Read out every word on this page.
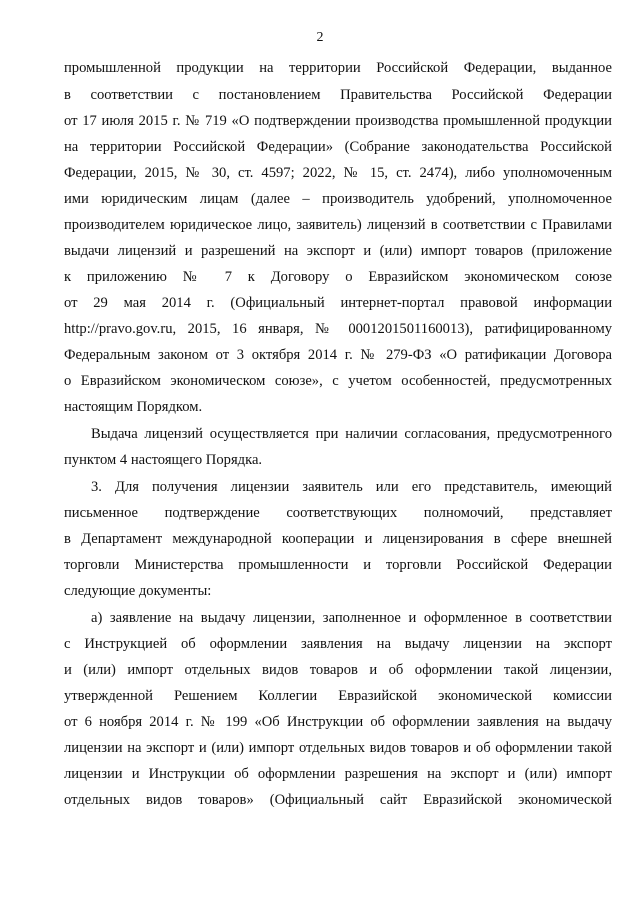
2
промышленной продукции на территории Российской Федерации, выданное
в соответствии с постановлением Правительства Российской Федерации
от 17 июля 2015 г. № 719 «О подтверждении производства промышленной продукции
на территории Российской Федерации» (Собрание законодательства Российской
Федерации, 2015, № 30, ст. 4597; 2022, № 15, ст. 2474), либо уполномоченным
ими юридическим лицам (далее – производитель удобрений, уполномоченное
производителем юридическое лицо, заявитель) лицензий в соответствии с Правилами
выдачи лицензий и разрешений на экспорт и (или) импорт товаров (приложение
к приложению № 7 к Договору о Евразийском экономическом союзе
от 29 мая 2014 г. (Официальный интернет-портал правовой информации
http://pravo.gov.ru, 2015, 16 января, № 0001201501160013), ратифицированному
Федеральным законом от 3 октября 2014 г. № 279-ФЗ «О ратификации Договора
о Евразийском экономическом союзе», с учетом особенностей, предусмотренных
настоящим Порядком.
Выдача лицензий осуществляется при наличии согласования, предусмотренного
пунктом 4 настоящего Порядка.
3. Для получения лицензии заявитель или его представитель, имеющий
письменное подтверждение соответствующих полномочий, представляет
в Департамент международной кооперации и лицензирования в сфере внешней
торговли Министерства промышленности и торговли Российской Федерации
следующие документы:
а) заявление на выдачу лицензии, заполненное и оформленное в соответствии
с Инструкцией об оформлении заявления на выдачу лицензии на экспорт
и (или) импорт отдельных видов товаров и об оформлении такой лицензии,
утвержденной Решением Коллегии Евразийской экономической комиссии
от 6 ноября 2014 г. № 199 «Об Инструкции об оформлении заявления на выдачу
лицензии на экспорт и (или) импорт отдельных видов товаров и об оформлении такой
лицензии и Инструкции об оформлении разрешения на экспорт и (или) импорт
отдельных видов товаров» (Официальный сайт Евразийской экономической
